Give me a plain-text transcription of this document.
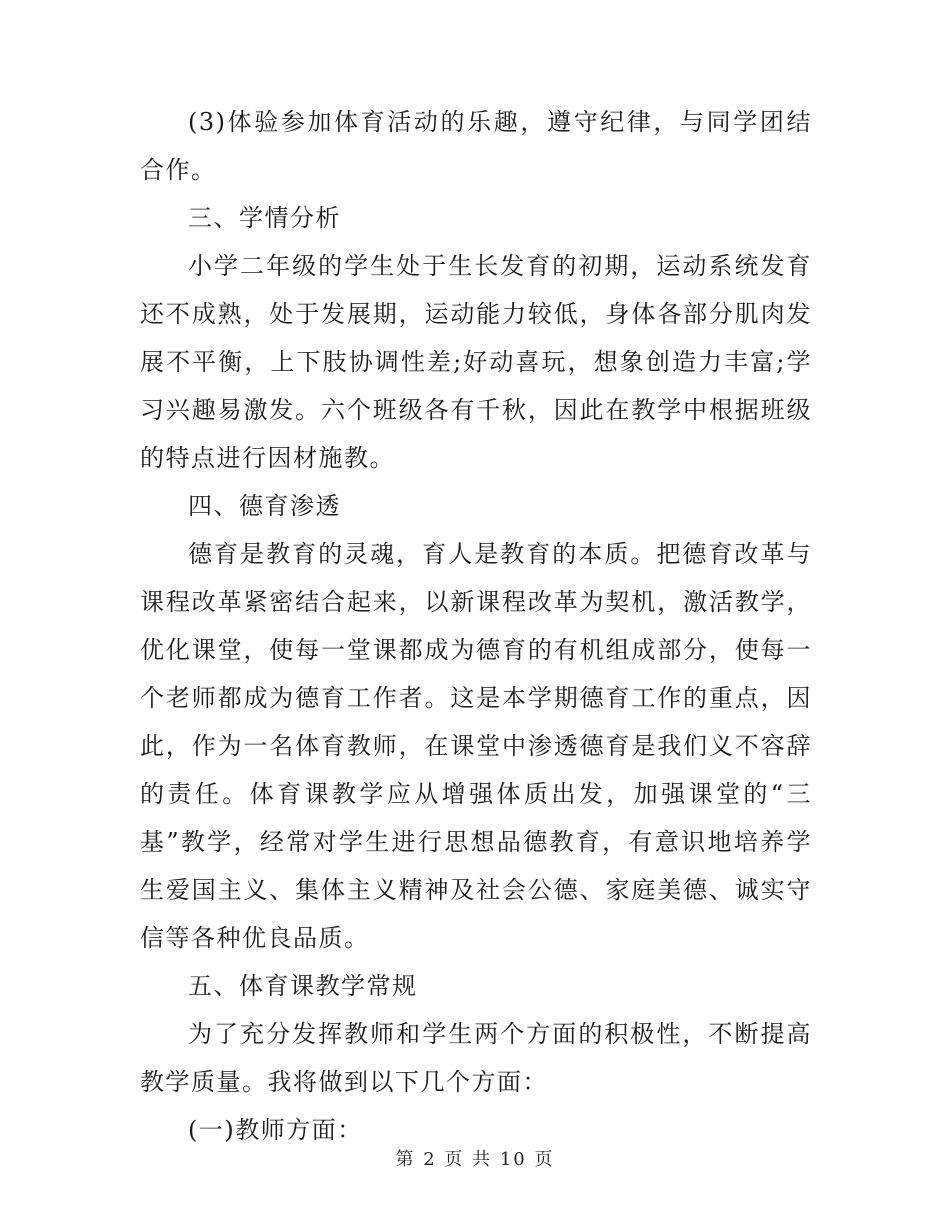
(3)体验参加体育活动的乐趣，遵守纪律，与同学团结合作。

三、学情分析

小学二年级的学生处于生长发育的初期，运动系统发育还不成熟，处于发展期，运动能力较低，身体各部分肌肉发展不平衡，上下肢协调性差;好动喜玩，想象创造力丰富;学习兴趣易激发。六个班级各有千秋，因此在教学中根据班级的特点进行因材施教。

四、德育渗透

德育是教育的灵魂，育人是教育的本质。把德育改革与课程改革紧密结合起来，以新课程改革为契机，激活教学，优化课堂，使每一堂课都成为德育的有机组成部分，使每一个老师都成为德育工作者。这是本学期德育工作的重点，因此，作为一名体育教师，在课堂中渗透德育是我们义不容辞的责任。体育课教学应从增强体质出发，加强课堂的“三基”教学，经常对学生进行思想品德教育，有意识地培养学生爱国主义、集体主义精神及社会公德、家庭美德、诚实守信等各种优良品质。

五、体育课教学常规

为了充分发挥教师和学生两个方面的积极性，不断提高教学质量。我将做到以下几个方面：

(一)教师方面：

第 2 页 共 10 页
